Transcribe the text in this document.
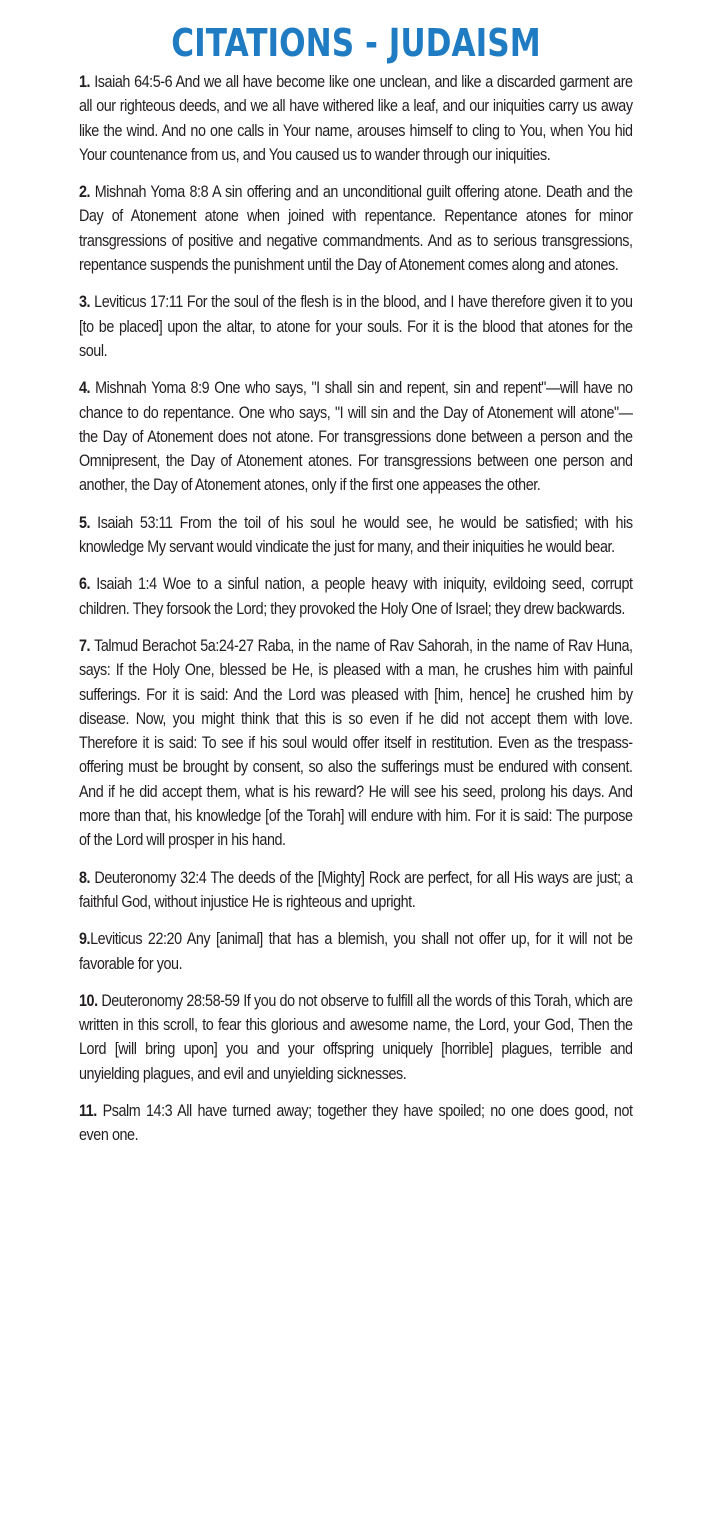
CITATIONS - JUDAISM

1. Isaiah 64:5-6 And we all have become like one unclean, and like a discarded garment are all our righteous deeds, and we all have withered like a leaf, and our iniquities carry us away like the wind. And no one calls in Your name, arouses himself to cling to You, when You hid Your countenance from us, and You caused us to wander through our iniquities.

2. Mishnah Yoma 8:8 A sin offering and an unconditional guilt offering atone. Death and the Day of Atonement atone when joined with repentance. Repentance atones for minor transgressions of positive and negative commandments. And as to serious transgressions, repentance suspends the punishment until the Day of Atonement comes along and atones.

3. Leviticus 17:11 For the soul of the flesh is in the blood, and I have therefore given it to you [to be placed] upon the altar, to atone for your souls. For it is the blood that atones for the soul.

4. Mishnah Yoma 8:9 One who says, "I shall sin and repent, sin and repent"—will have no chance to do repentance. One who says, "I will sin and the Day of Atonement will atone"—the Day of Atonement does not atone. For transgressions done between a person and the Omnipresent, the Day of Atonement atones. For transgressions between one person and another, the Day of Atonement atones, only if the first one appeases the other.

5. Isaiah 53:11 From the toil of his soul he would see, he would be satisfied; with his knowledge My servant would vindicate the just for many, and their iniquities he would bear.

6. Isaiah 1:4 Woe to a sinful nation, a people heavy with iniquity, evildoing seed, corrupt children. They forsook the Lord; they provoked the Holy One of Israel; they drew backwards.

7. Talmud Berachot 5a:24-27 Raba, in the name of Rav Sahorah, in the name of Rav Huna, says: If the Holy One, blessed be He, is pleased with a man, he crushes him with painful sufferings. For it is said: And the Lord was pleased with [him, hence] he crushed him by disease. Now, you might think that this is so even if he did not accept them with love. Therefore it is said: To see if his soul would offer itself in restitution. Even as the trespass-offering must be brought by consent, so also the sufferings must be endured with consent. And if he did accept them, what is his reward? He will see his seed, prolong his days. And more than that, his knowledge [of the Torah] will endure with him. For it is said: The purpose of the Lord will prosper in his hand.

8. Deuteronomy 32:4 The deeds of the [Mighty] Rock are perfect, for all His ways are just; a faithful God, without injustice He is righteous and upright.

9.Leviticus 22:20 Any [animal] that has a blemish, you shall not offer up, for it will not be favorable for you.

10. Deuteronomy 28:58-59 If you do not observe to fulfill all the words of this Torah, which are written in this scroll, to fear this glorious and awesome name, the Lord, your God, Then the Lord [will bring upon] you and your offspring uniquely [horrible] plagues, terrible and unyielding plagues, and evil and unyielding sicknesses.

11. Psalm 14:3 All have turned away; together they have spoiled; no one does good, not even one.
